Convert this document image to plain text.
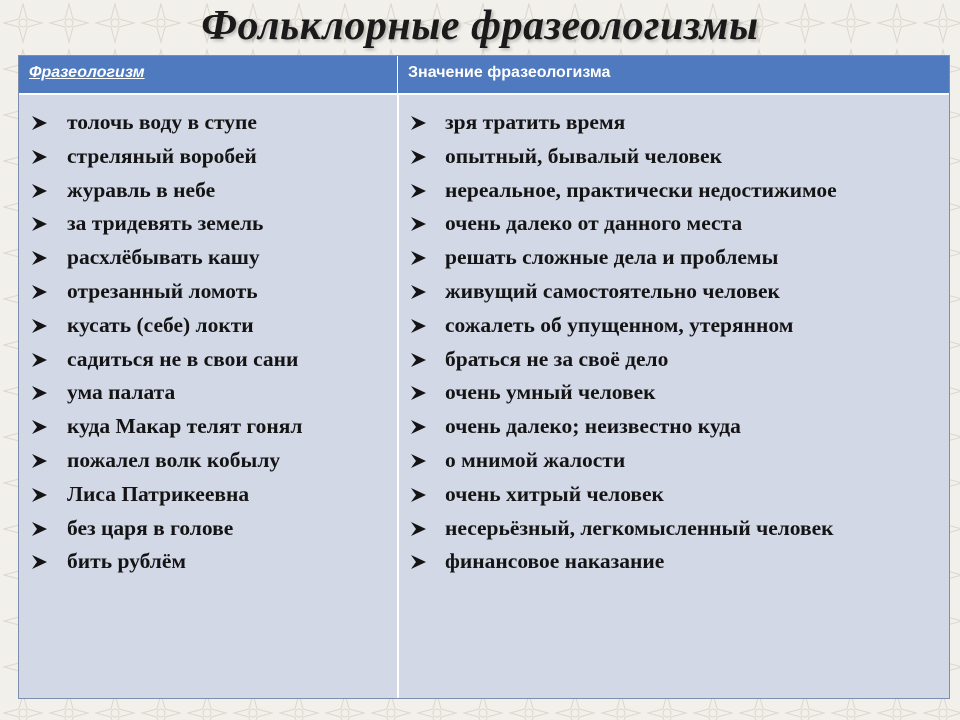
Фольклорные фразеологизмы
Фразеологизм	Значение фразеологизма
толочь воду в ступе
стреляный воробей
журавль в небе
за тридевять земель
расхлёбывать кашу
отрезанный ломоть
кусать (себе) локти
садиться не в свои сани
ума палата
куда Макар телят гонял
пожалел волк кобылу
Лиса Патрикеевна
без царя в голове
бить рублём
зря тратить время
опытный, бывалый человек
нереальное, практически недостижимое
очень далеко от данного места
решать сложные дела и проблемы
живущий самостоятельно человек
сожалеть об упущенном, утерянном
браться не за своё дело
очень умный человек
очень далеко; неизвестно куда
о мнимой жалости
очень хитрый человек
несерьёзный, легкомысленный человек
финансовое наказание
